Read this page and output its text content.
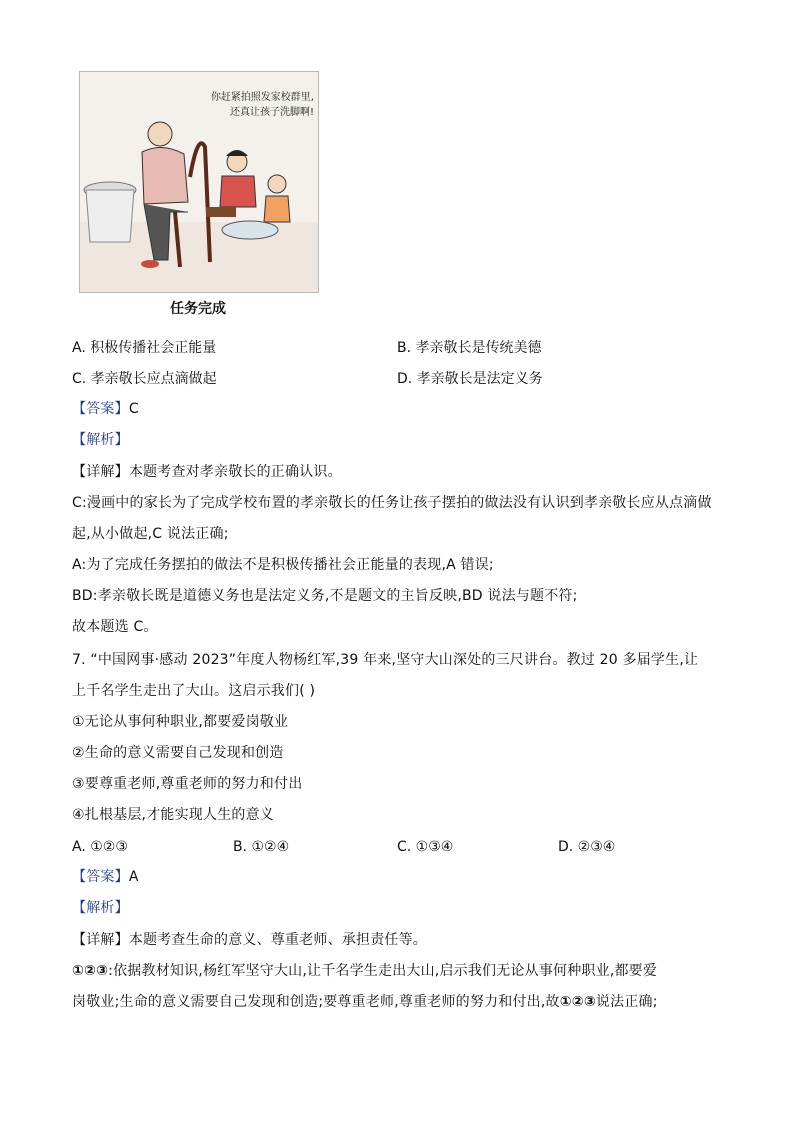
你赶紧拍照发家校群里,
还真让孩子洗脚啊!
任务完成
A. 积极传播社会正能量	B. 孝亲敬长是传统美德
C. 孝亲敬长应点滴做起	D. 孝亲敬长是法定义务
【答案】C
【解析】
【详解】本题考查对孝亲敬长的正确认识。
C:漫画中的家长为了完成学校布置的孝亲敬长的任务让孩子摆拍的做法没有认识到孝亲敬长应从点滴做
起,从小做起,C 说法正确;
A:为了完成任务摆拍的做法不是积极传播社会正能量的表现,A 错误;
BD:孝亲敬长既是道德义务也是法定义务,不是题文的主旨反映,BD 说法与题不符;
故本题选 C。
7. “中国网事·感动 2023”年度人物杨红军,39 年来,坚守大山深处的三尺讲台。教过 20 多届学生,让
上千名学生走出了大山。这启示我们( )
①无论从事何种职业,都要爱岗敬业
②生命的意义需要自己发现和创造
③要尊重老师,尊重老师的努力和付出
④扎根基层,才能实现人生的意义
A. ①②③	B. ①②④	C. ①③④	D. ②③④
【答案】A
【解析】
【详解】本题考查生命的意义、尊重老师、承担责任等。
①②③:依据教材知识,杨红军坚守大山,让千名学生走出大山,启示我们无论从事何种职业,都要爱
岗敬业;生命的意义需要自己发现和创造;要尊重老师,尊重老师的努力和付出,故①②③说法正确;
